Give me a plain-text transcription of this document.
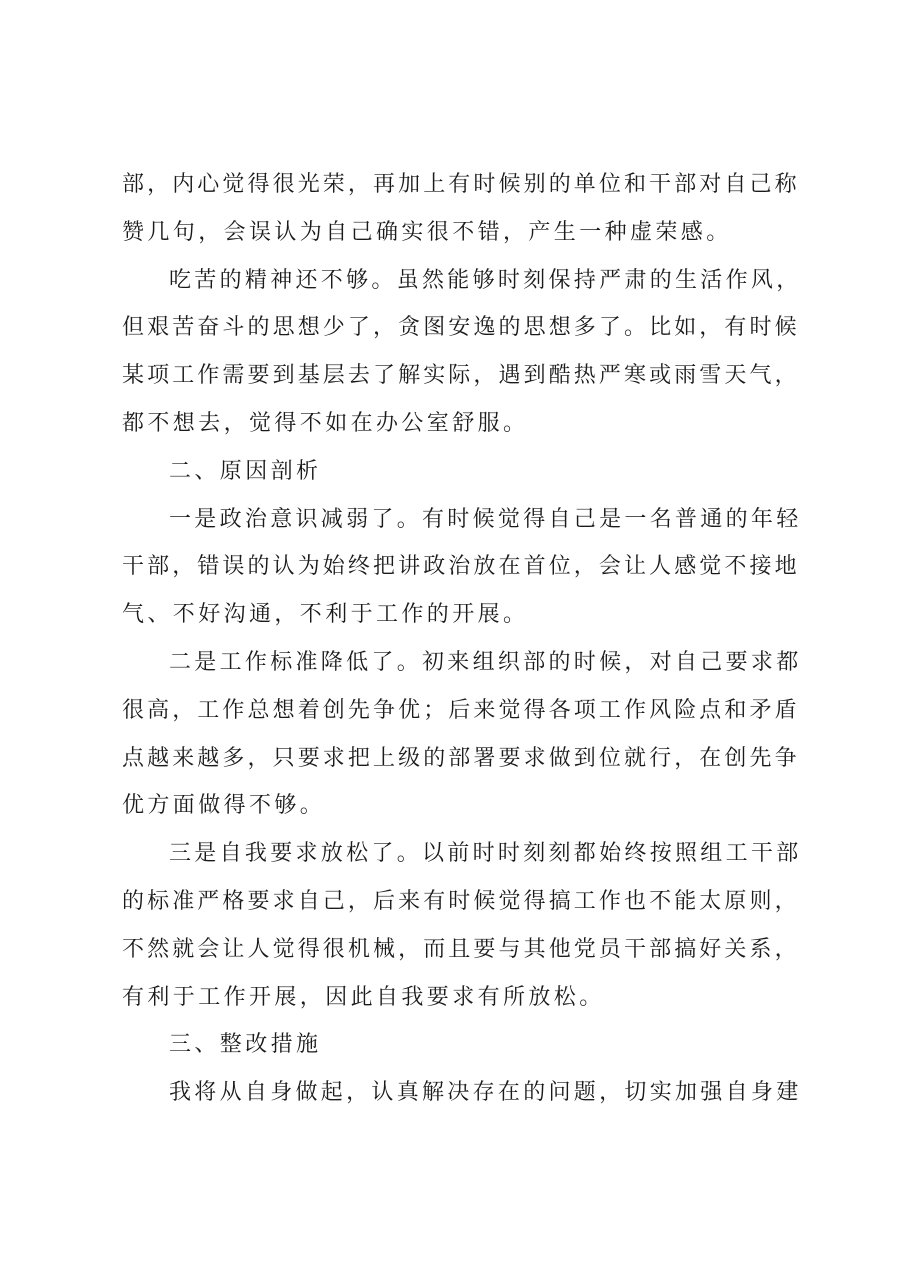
部，内心觉得很光荣，再加上有时候别的单位和干部对自己称
赞几句，会误认为自己确实很不错，产生一种虚荣感。
吃苦的精神还不够。虽然能够时刻保持严肃的生活作风，
但艰苦奋斗的思想少了，贪图安逸的思想多了。比如，有时候
某项工作需要到基层去了解实际，遇到酷热严寒或雨雪天气，
都不想去，觉得不如在办公室舒服。
二、原因剖析
一是政治意识减弱了。有时候觉得自己是一名普通的年轻
干部，错误的认为始终把讲政治放在首位，会让人感觉不接地
气、不好沟通，不利于工作的开展。
二是工作标准降低了。初来组织部的时候，对自己要求都
很高，工作总想着创先争优；后来觉得各项工作风险点和矛盾
点越来越多，只要求把上级的部署要求做到位就行，在创先争
优方面做得不够。
三是自我要求放松了。以前时时刻刻都始终按照组工干部
的标准严格要求自己，后来有时候觉得搞工作也不能太原则，
不然就会让人觉得很机械，而且要与其他党员干部搞好关系，
有利于工作开展，因此自我要求有所放松。
三、整改措施
我将从自身做起，认真解决存在的问题，切实加强自身建
